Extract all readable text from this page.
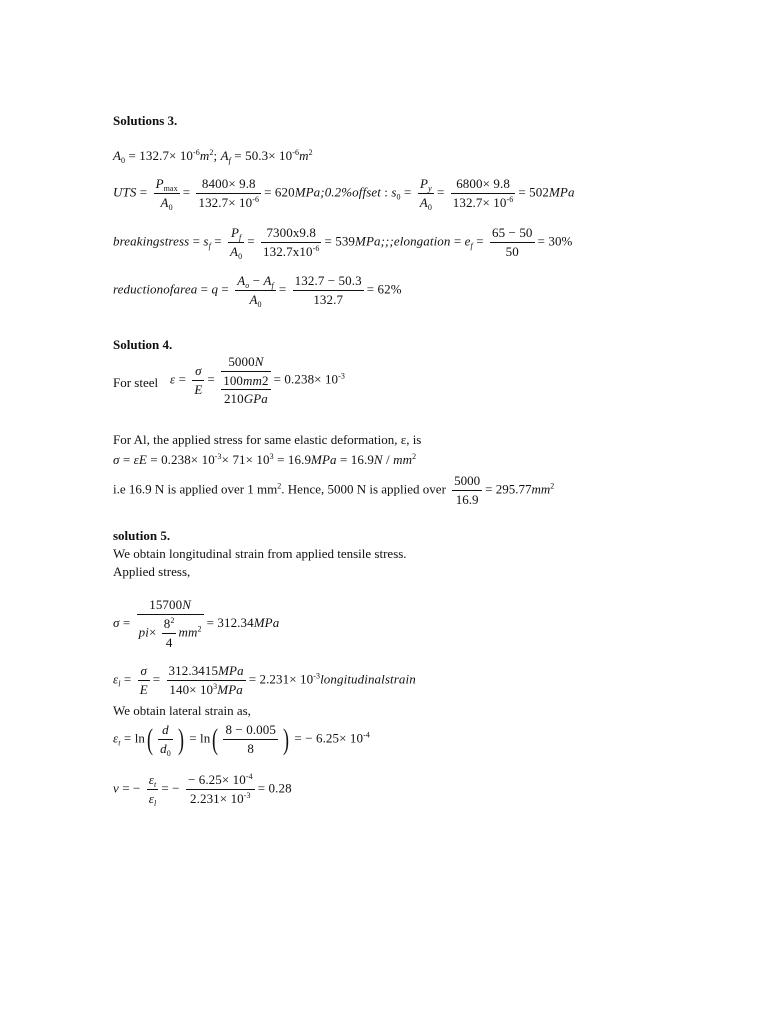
Solutions 3.
$A_0 = 132.7\times 10^{-6}m^2$; $A_f = 50.3\times 10^{-6}m^2$
UTS = $\frac{P_{max}}{A_0} = \frac{8400\times 9.8}{132.7\times 10^{-6}}$ = 620MPa;0.2%offset : $s_0 = \frac{P_y}{A_0} = \frac{6800\times 9.8}{132.7\times 10^{-6}} = 502MPa$
breakingstress = $s_f = \frac{P_f}{A_0} = \frac{7300x9.8}{132.7x10^{-6}}$ = 539MPa;;;elongation = $e_f = \frac{65 - 50}{50} = 30\%$
reductionofarea = $q = \frac{A_o - A_f}{A_0} = \frac{132.7 - 50.3}{132.7} = 62\%$
Solution 4.
For steel $\varepsilon = \frac{\sigma}{E} = \frac{\frac{5000N}{100mm2}}{\text{210GPa}} = 0.238\times 10^{-3}$
For Al, the applied stress for same elastic deformation, ε, is
$\sigma = \varepsilon E = 0.238\times 10^{-3}\times 71\times 10^3 = 16.9MPa = 16.9N / mm^2$
i.e 16.9 N is applied over 1 $mm^2$. Hence, 5000 N is applied over $\frac{5000}{16.9} = 295.77mm^2$
solution 5.
We obtain longitudinal strain from applied tensile stress.
Applied stress,
$\sigma = \frac{15700N}{pi\times \frac{8^2}{4} mm^2} = 312.34MPa$
$\varepsilon_l = \frac{\sigma}{E} = \frac{\text{312.3415MPa}}{140\times 10^3MPa} = 2.231\times$ $10^{-3}longitudinalstrain$
We obtain lateral strain as,
$\varepsilon_t = \ln( \frac{d}{d_0}$ ) = $\ln( \frac{8 - 0.005}{8}$ ) = − $6.25\times 10^{-4}$
ν = − $\frac{\varepsilon_t}{\varepsilon_l}$ = − $\frac{- 6.25\times 10^{-4}}{2.231\times 10^{-3}} = 0.28$
